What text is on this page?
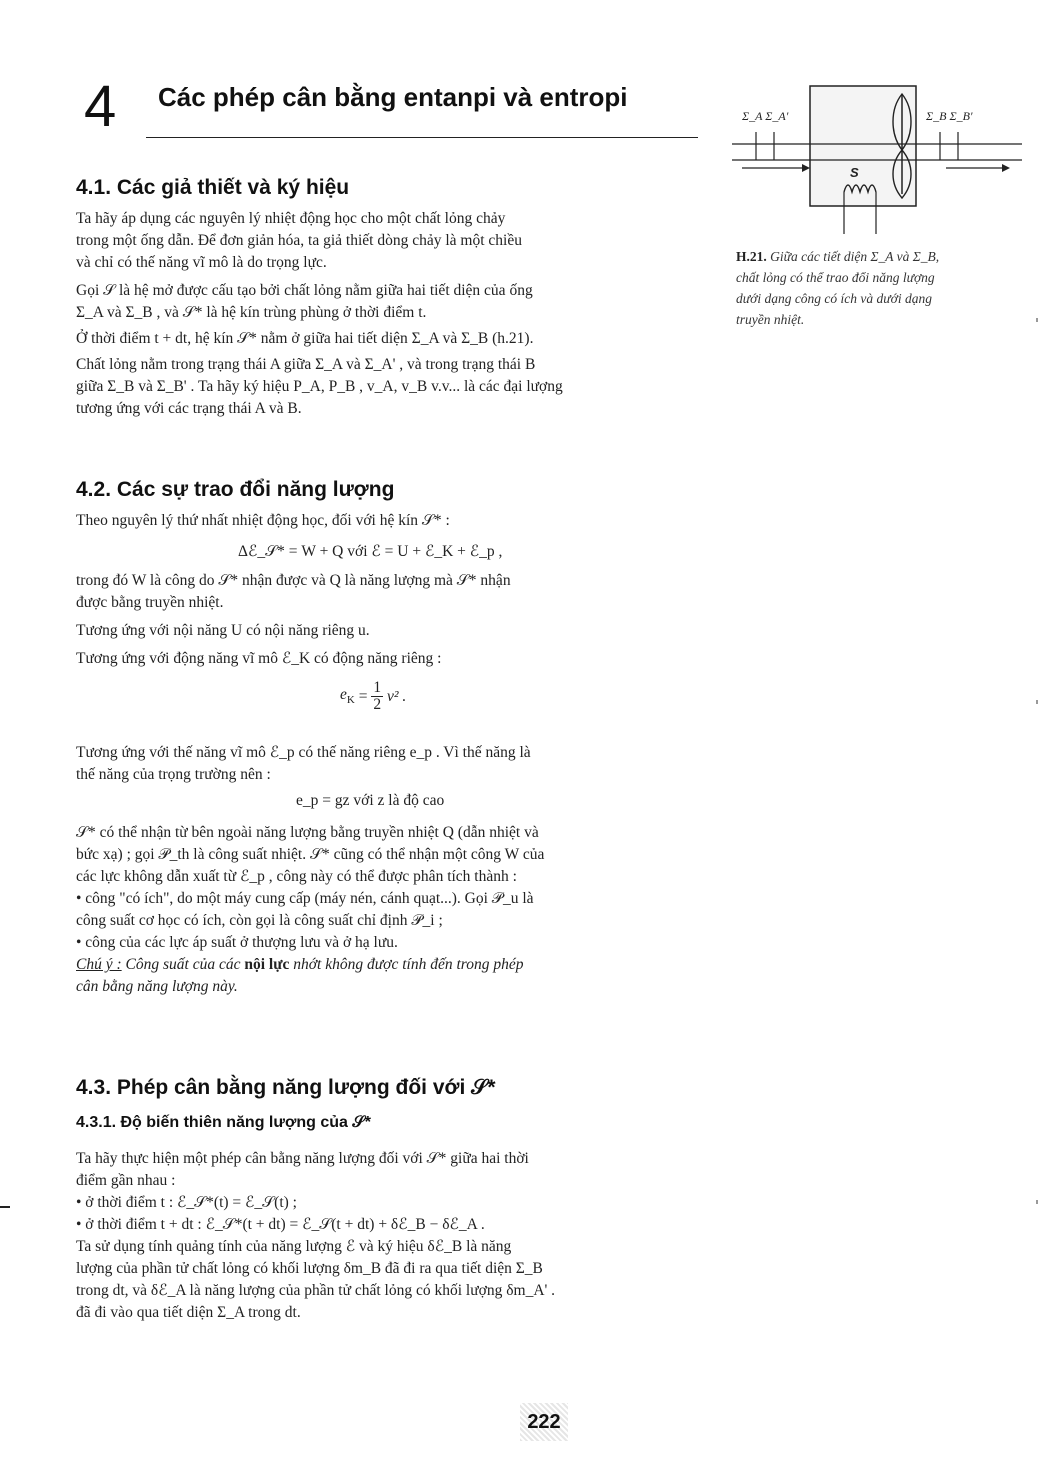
4 Các phép cân bằng entanpi và entropi
Σ_A Σ_A'	Σ_B Σ_B'
S
H.21. Giữa các tiết diện Σ_A và Σ_B,
chất lỏng có thể trao đổi năng lượng
dưới dạng công có ích và dưới dạng
truyền nhiệt.
4.1. Các giả thiết và ký hiệu
Ta hãy áp dụng các nguyên lý nhiệt động học cho một chất lỏng chảy
trong một ống dẫn. Để đơn giản hóa, ta giả thiết dòng chảy là một chiều
và chỉ có thế năng vĩ mô là do trọng lực.
Gọi 𝒮 là hệ mở được cấu tạo bởi chất lỏng nằm giữa hai tiết diện của ống
Σ_A và Σ_B , và 𝒮* là hệ kín trùng phùng ở thời điểm t.
Ở thời điểm t + dt, hệ kín 𝒮* nằm ở giữa hai tiết diện Σ_A và Σ_B (h.21).
Chất lỏng nằm trong trạng thái A giữa Σ_A và Σ_A' , và trong trạng thái B
giữa Σ_B và Σ_B' . Ta hãy ký hiệu P_A, P_B , v_A, v_B v.v... là các đại lượng
tương ứng với các trạng thái A và B.
4.2. Các sự trao đổi năng lượng
Theo nguyên lý thứ nhất nhiệt động học, đối với hệ kín 𝒮* :
Δℰ_𝒮* = W + Q với ℰ = U + ℰ_K + ℰ_p ,
trong đó W là công do 𝒮* nhận được và Q là năng lượng mà 𝒮* nhận
được bằng truyền nhiệt.
Tương ứng với nội năng U có nội năng riêng u.
Tương ứng với động năng vĩ mô ℰ_K có động năng riêng :
$e_K = \frac{1}{2} v^2$ .
Tương ứng với thế năng vĩ mô ℰ_p có thế năng riêng e_p . Vì thế năng là
thế năng của trọng trường nên :
e_p = gz với z là độ cao
𝒮* có thể nhận từ bên ngoài năng lượng bằng truyền nhiệt Q (dẫn nhiệt và
bức xạ) ; gọi 𝒫_th là công suất nhiệt. 𝒮* cũng có thể nhận một công W của
các lực không dẫn xuất từ ℰ_p , công này có thể được phân tích thành :
• công "có ích", do một máy cung cấp (máy nén, cánh quạt...). Gọi 𝒫_u là
công suất cơ học có ích, còn gọi là công suất chỉ định 𝒫_i ;
• công của các lực áp suất ở thượng lưu và ở hạ lưu.
Chú ý : Công suất của các nội lực nhớt không được tính đến trong phép
cân bằng năng lượng này.
4.3. Phép cân bằng năng lượng đối với 𝒮*
4.3.1. Độ biến thiên năng lượng của 𝒮*
Ta hãy thực hiện một phép cân bằng năng lượng đối với 𝒮* giữa hai thời
điểm gần nhau :
• ở thời điểm t : ℰ_𝒮*(t) = ℰ_𝒮(t) ;
• ở thời điểm t + dt : ℰ_𝒮*(t + dt) = ℰ_𝒮(t + dt) + δℰ_B − δℰ_A .
Ta sử dụng tính quảng tính của năng lượng ℰ và ký hiệu δℰ_B là năng
lượng của phần tử chất lỏng có khối lượng δm_B đã đi ra qua tiết diện Σ_B
trong dt, và δℰ_A là năng lượng của phần tử chất lỏng có khối lượng δm_A' .
đã đi vào qua tiết diện Σ_A trong dt.
222
